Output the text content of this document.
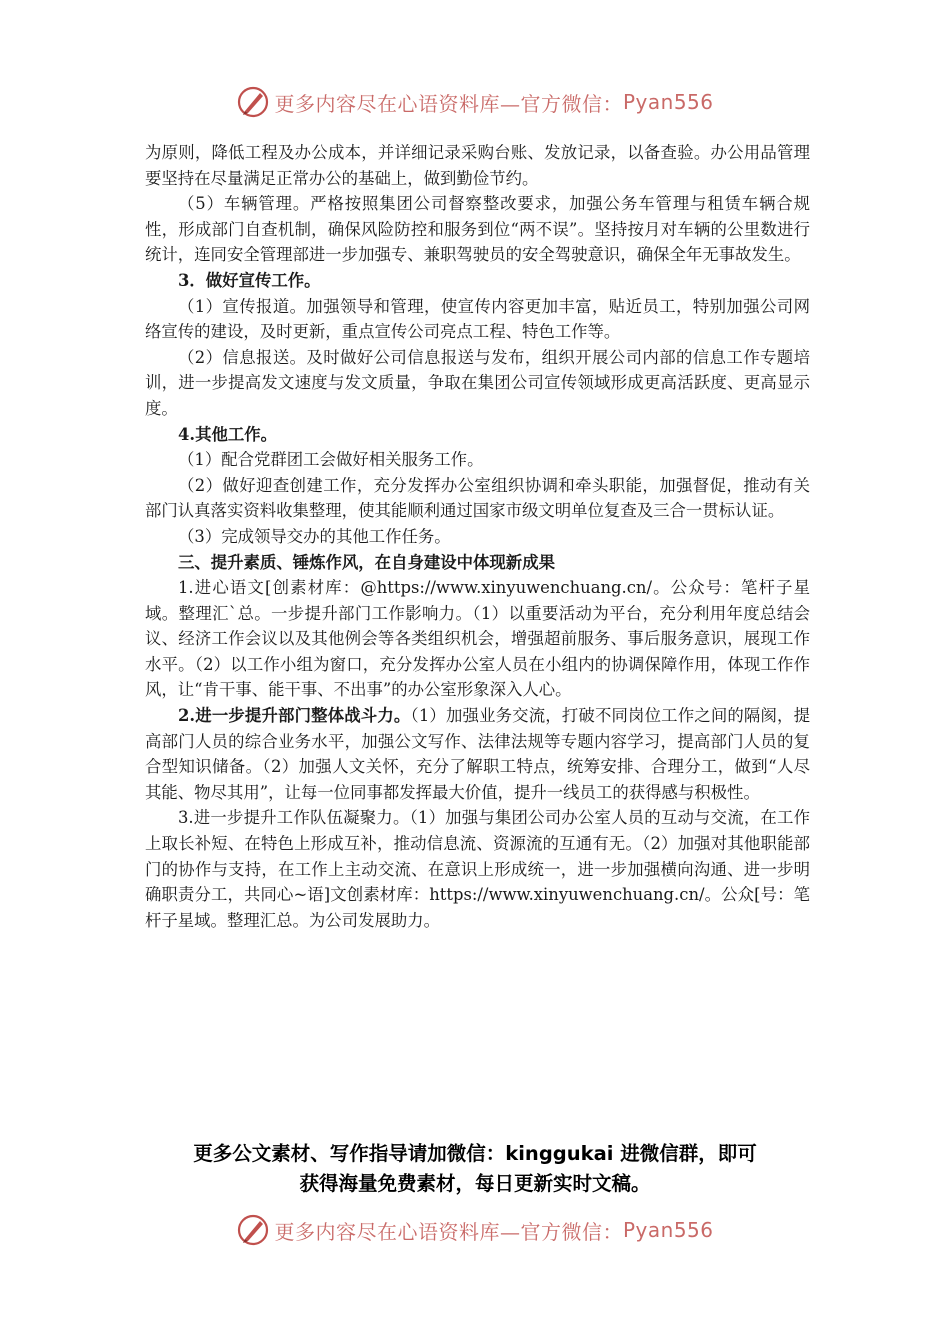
更多内容尽在心语资料库—官方微信： Pyan556

为原则，降低工程及办公成本，并详细记录采购台账、发放记录，以备查验。办公用品管理要坚持在尽量满足正常办公的基础上，做到勤俭节约。

（5）车辆管理。严格按照集团公司督察整改要求，加强公务车管理与租赁车辆合规性，形成部门自查机制，确保风险防控和服务到位“两不误”。坚持按月对车辆的公里数进行统计，连同安全管理部进一步加强专、兼职驾驶员的安全驾驶意识，确保全年无事故发生。

3．做好宣传工作。

（1）宣传报道。加强领导和管理，使宣传内容更加丰富，贴近员工，特别加强公司网络宣传的建设，及时更新，重点宣传公司亮点工程、特色工作等。

（2）信息报送。及时做好公司信息报送与发布，组织开展公司内部的信息工作专题培训，进一步提高发文速度与发文质量，争取在集团公司宣传领域形成更高活跃度、更高显示度。

4.其他工作。

（1）配合党群团工会做好相关服务工作。

（2）做好迎查创建工作，充分发挥办公室组织协调和牵头职能，加强督促，推动有关部门认真落实资料收集整理，使其能顺利通过国家市级文明单位复查及三合一贯标认证。

（3）完成领导交办的其他工作任务。

三、提升素质、锤炼作风，在自身建设中体现新成果

1.进心语文[创素材库：@https://www.xinyuwenchuang.cn/。公众号：笔杆子星域。整理汇`总。一步提升部门工作影响力。（1）以重要活动为平台，充分利用年度总结会议、经济工作会议以及其他例会等各类组织机会，增强超前服务、事后服务意识，展现工作水平。（2）以工作小组为窗口，充分发挥办公室人员在小组内的协调保障作用，体现工作作风，让“肯干事、能干事、不出事”的办公室形象深入人心。

2.进一步提升部门整体战斗力。（1）加强业务交流，打破不同岗位工作之间的隔阂，提高部门人员的综合业务水平，加强公文写作、法律法规等专题内容学习，提高部门人员的复合型知识储备。（2）加强人文关怀，充分了解职工特点，统筹安排、合理分工，做到“人尽其能、物尽其用”，让每一位同事都发挥最大价值，提升一线员工的获得感与积极性。

3.进一步提升工作队伍凝聚力。（1）加强与集团公司办公室人员的互动与交流，在工作上取长补短、在特色上形成互补，推动信息流、资源流的互通有无。（2）加强对其他职能部门的协作与支持，在工作上主动交流、在意识上形成统一，进一步加强横向沟通、进一步明确职责分工，共同心~语]文创素材库：https://www.xinyuwenchuang.cn/。公众[号：笔杆子星域。整理汇总。为公司发展助力。

更多公文素材、写作指导请加微信：kinggukai 进微信群，即可
获得海量免费素材，每日更新实时文稿。
更多内容尽在心语资料库—官方微信： Pyan556
